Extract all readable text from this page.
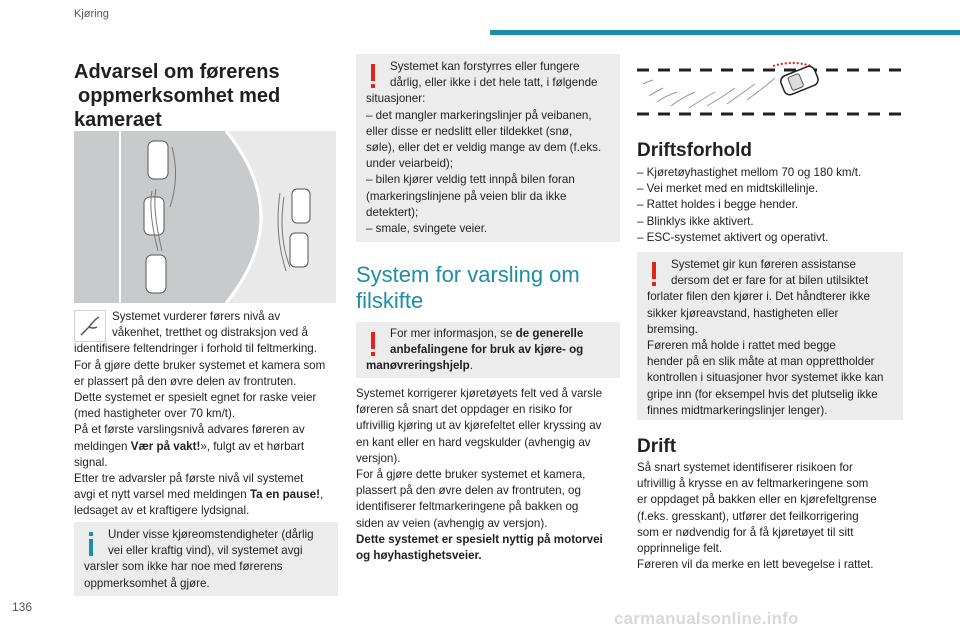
Kjøring
136
Advarsel om førerens
oppmerksomhet med
kameraet
Systemet vurderer førers nivå av
våkenhet, tretthet og distraksjon ved å
identifisere feltendringer i forhold til feltmerking.
For å gjøre dette bruker systemet et kamera som
er plassert på den øvre delen av frontruten.
Dette systemet er spesielt egnet for raske veier
(med hastigheter over 70 km/t).
På et første varslingsnivå advares føreren av
meldingen Vær på vakt!», fulgt av et hørbart
signal.
Etter tre advarsler på første nivå vil systemet
avgi et nytt varsel med meldingen Ta en pause!,
ledsaget av et kraftigere lydsignal.
Under visse kjøreomstendigheter (dårlig
vei eller kraftig vind), vil systemet avgi
varsler som ikke har noe med førerens
oppmerksomhet å gjøre.
Systemet kan forstyrres eller fungere
dårlig, eller ikke i det hele tatt, i følgende
situasjoner:
– det mangler markeringslinjer på veibanen,
eller disse er nedslitt eller tildekket (snø,
søle), eller det er veldig mange av dem (f.eks.
under veiarbeid);
– bilen kjører veldig tett innpå bilen foran
(markeringslinjene på veien blir da ikke
detektert);
– smale, svingete veier.
System for varsling om
filskifte
For mer informasjon, se de generelle
anbefalingene for bruk av kjøre- og
manøvreringshjelp.
Systemet korrigerer kjøretøyets felt ved å varsle
føreren så snart det oppdager en risiko for
ufrivillig kjøring ut av kjørefeltet eller kryssing av
en kant eller en hard vegskulder (avhengig av
versjon).
For å gjøre dette bruker systemet et kamera,
plassert på den øvre delen av frontruten, og
identifiserer feltmarkeringene på bakken og
siden av veien (avhengig av versjon).
Dette systemet er spesielt nyttig på motorvei
og høyhastighetsveier.
Driftsforhold
– Kjøretøyhastighet mellom 70 og 180 km/t.
– Vei merket med en midtskillelinje.
– Rattet holdes i begge hender.
– Blinklys ikke aktivert.
– ESC-systemet aktivert og operativt.
Systemet gir kun føreren assistanse
dersom det er fare for at bilen utilsiktet
forlater filen den kjører i. Det håndterer ikke
sikker kjøreavstand, hastigheten eller
bremsing.
Føreren må holde i rattet med begge
hender på en slik måte at man opprettholder
kontrollen i situasjoner hvor systemet ikke kan
gripe inn (for eksempel hvis det plutselig ikke
finnes midtmarkeringslinjer lenger).
Drift
Så snart systemet identifiserer risikoen for
ufrivillig å krysse en av feltmarkeringene som
er oppdaget på bakken eller en kjørefeltgrense
(f.eks. gresskant), utfører det feilkorrigering
som er nødvendig for å få kjøretøyet til sitt
opprinnelige felt.
Føreren vil da merke en lett bevegelse i rattet.
carmanualsonline.info
